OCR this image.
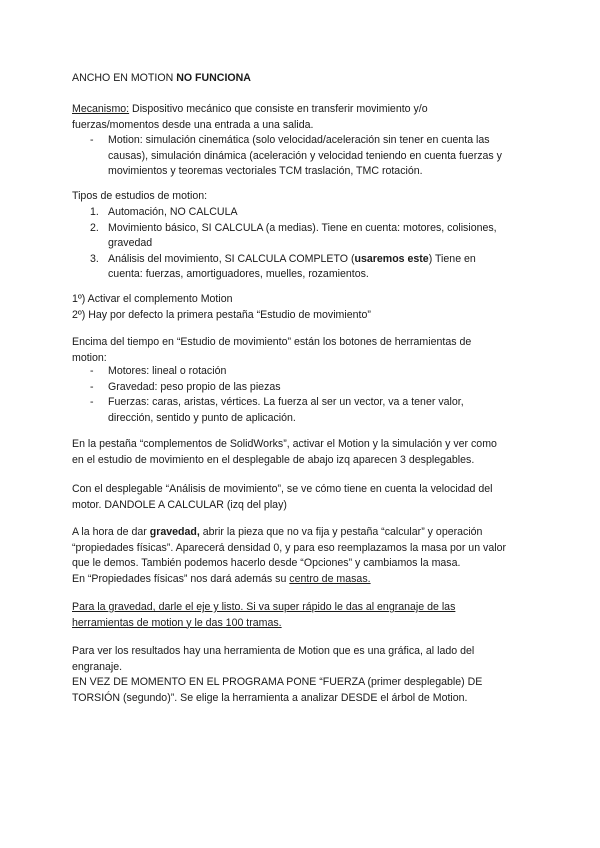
ANCHO EN MOTION NO FUNCIONA

Mecanismo: Dispositivo mecánico que consiste en transferir movimiento y/o
fuerzas/momentos desde una entrada a una salida.

- Motion: simulación cinemática (solo velocidad/aceleración sin tener en cuenta las
causas), simulación dinámica (aceleración y velocidad teniendo en cuenta fuerzas y
movimientos y teoremas vectoriales TCM traslación, TMC rotación.

Tipos de estudios de motion:

1. Automación, NO CALCULA
2. Movimiento básico, SI CALCULA (a medias). Tiene en cuenta: motores, colisiones,
gravedad
3. Análisis del movimiento, SI CALCULA COMPLETO (usaremos este) Tiene en
cuenta: fuerzas, amortiguadores, muelles, rozamientos.

1º) Activar el complemento Motion
2º) Hay por defecto la primera pestaña “Estudio de movimiento”

Encima del tiempo en “Estudio de movimiento” están los botones de herramientas de
motion:

- Motores: lineal o rotación
- Gravedad: peso propio de las piezas
- Fuerzas: caras, aristas, vértices. La fuerza al ser un vector, va a tener valor,
dirección, sentido y punto de aplicación.

En la pestaña “complementos de SolidWorks”, activar el Motion y la simulación y ver como
en el estudio de movimiento en el desplegable de abajo izq aparecen 3 desplegables.

Con el desplegable “Análisis de movimiento”, se ve cómo tiene en cuenta la velocidad del
motor. DANDOLE A CALCULAR (izq del play)

A la hora de dar gravedad, abrir la pieza que no va fija y pestaña “calcular” y operación
“propiedades físicas”. Aparecerá densidad 0, y para eso reemplazamos la masa por un valor
que le demos. También podemos hacerlo desde “Opciones” y cambiamos la masa.
En “Propiedades físicas” nos dará además su centro de masas.

Para la gravedad, darle el eje y listo. Si va super rápido le das al engranaje de las
herramientas de motion y le das 100 tramas.

Para ver los resultados hay una herramienta de Motion que es una gráfica, al lado del
engranaje.
EN VEZ DE MOMENTO EN EL PROGRAMA PONE “FUERZA (primer desplegable) DE
TORSIÓN (segundo)”. Se elige la herramienta a analizar DESDE el árbol de Motion.
